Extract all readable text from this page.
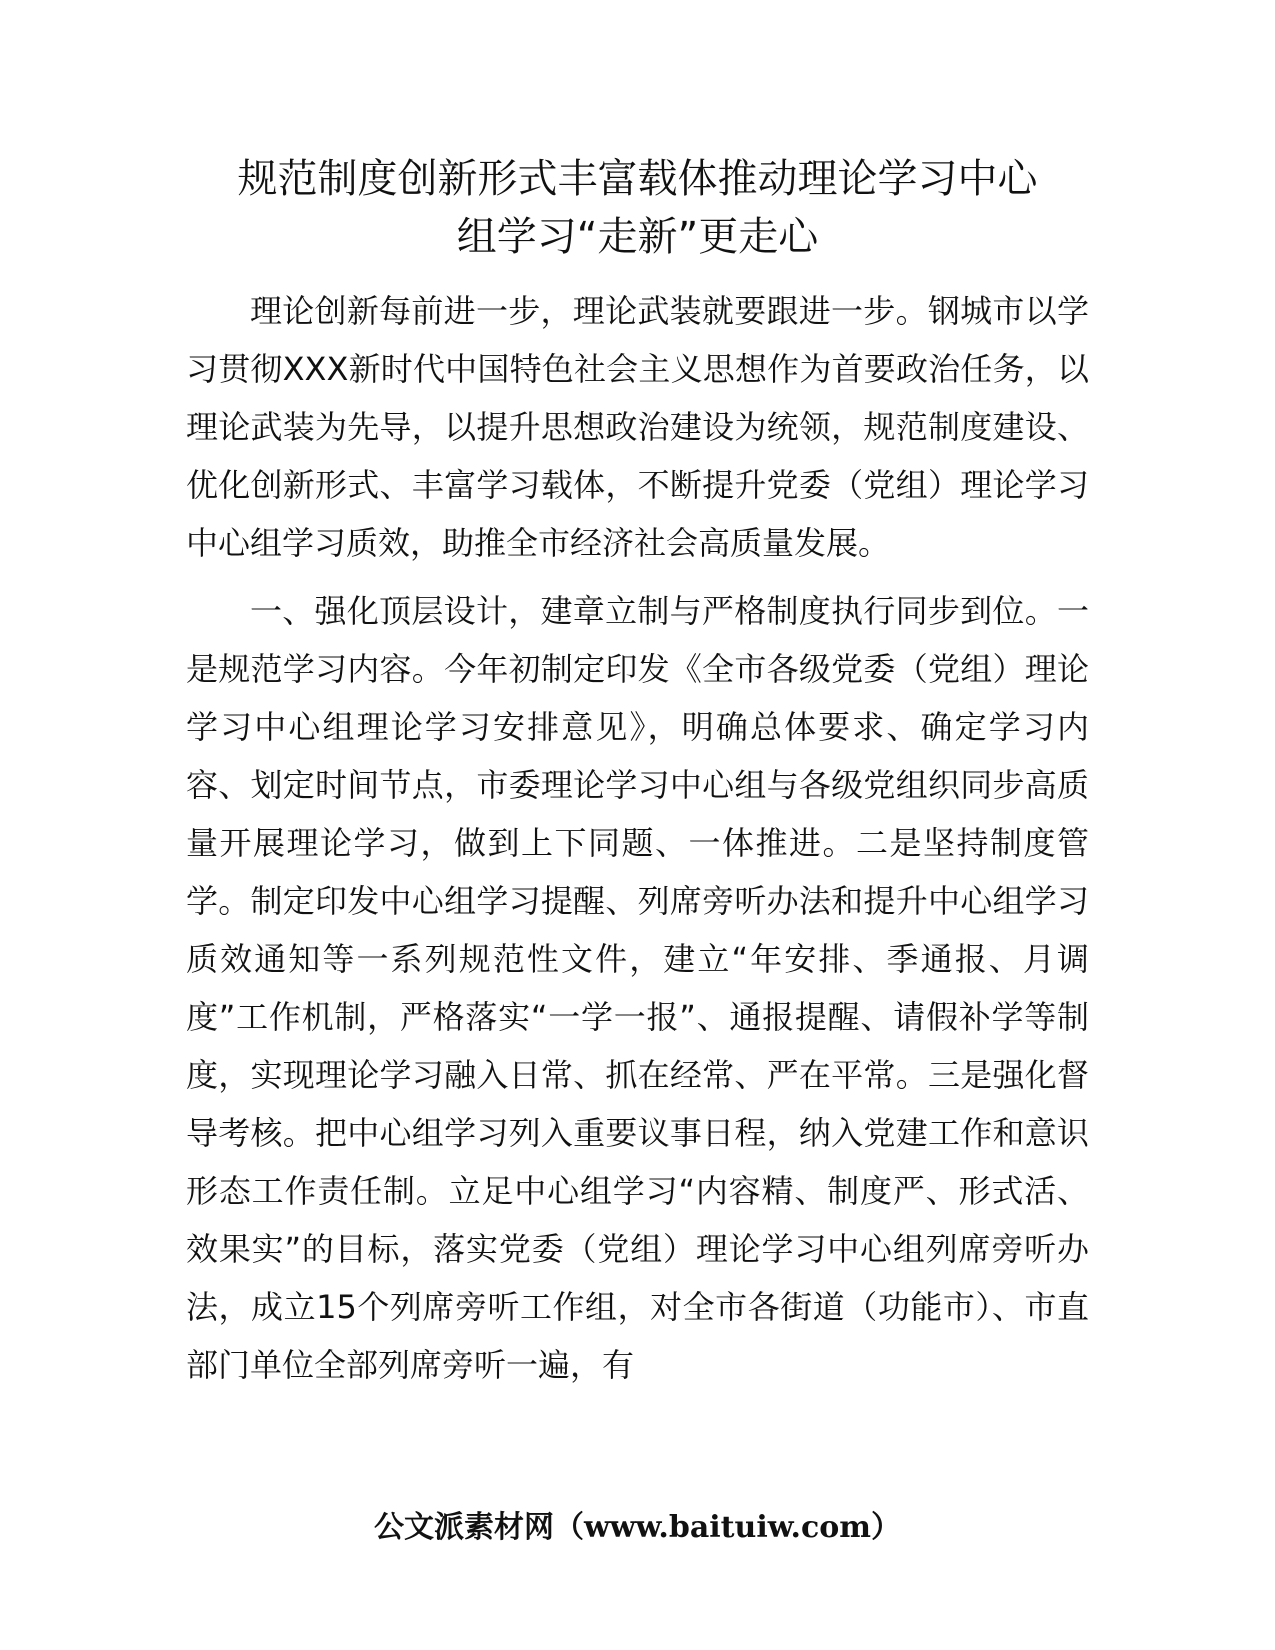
规范制度创新形式丰富载体推动理论学习中心
组学习“走新”更走心

理论创新每前进一步，理论武装就要跟进一步。钢城市以学习贯彻XXX新时代中国特色社会主义思想作为首要政治任务，以理论武装为先导，以提升思想政治建设为统领，规范制度建设、优化创新形式、丰富学习载体，不断提升党委（党组）理论学习中心组学习质效，助推全市经济社会高质量发展。

一、强化顶层设计，建章立制与严格制度执行同步到位。一是规范学习内容。今年初制定印发《全市各级党委（党组）理论学习中心组理论学习安排意见》，明确总体要求、确定学习内容、划定时间节点，市委理论学习中心组与各级党组织同步高质量开展理论学习，做到上下同题、一体推进。二是坚持制度管学。制定印发中心组学习提醒、列席旁听办法和提升中心组学习质效通知等一系列规范性文件，建立“年安排、季通报、月调度”工作机制，严格落实“一学一报”、通报提醒、请假补学等制度，实现理论学习融入日常、抓在经常、严在平常。三是强化督导考核。把中心组学习列入重要议事日程，纳入党建工作和意识形态工作责任制。立足中心组学习“内容精、制度严、形式活、效果实”的目标，落实党委（党组）理论学习中心组列席旁听办法，成立15个列席旁听工作组，对全市各街道（功能市）、市直部门单位全部列席旁听一遍，有

公文派素材网（www.baituiw.com）
